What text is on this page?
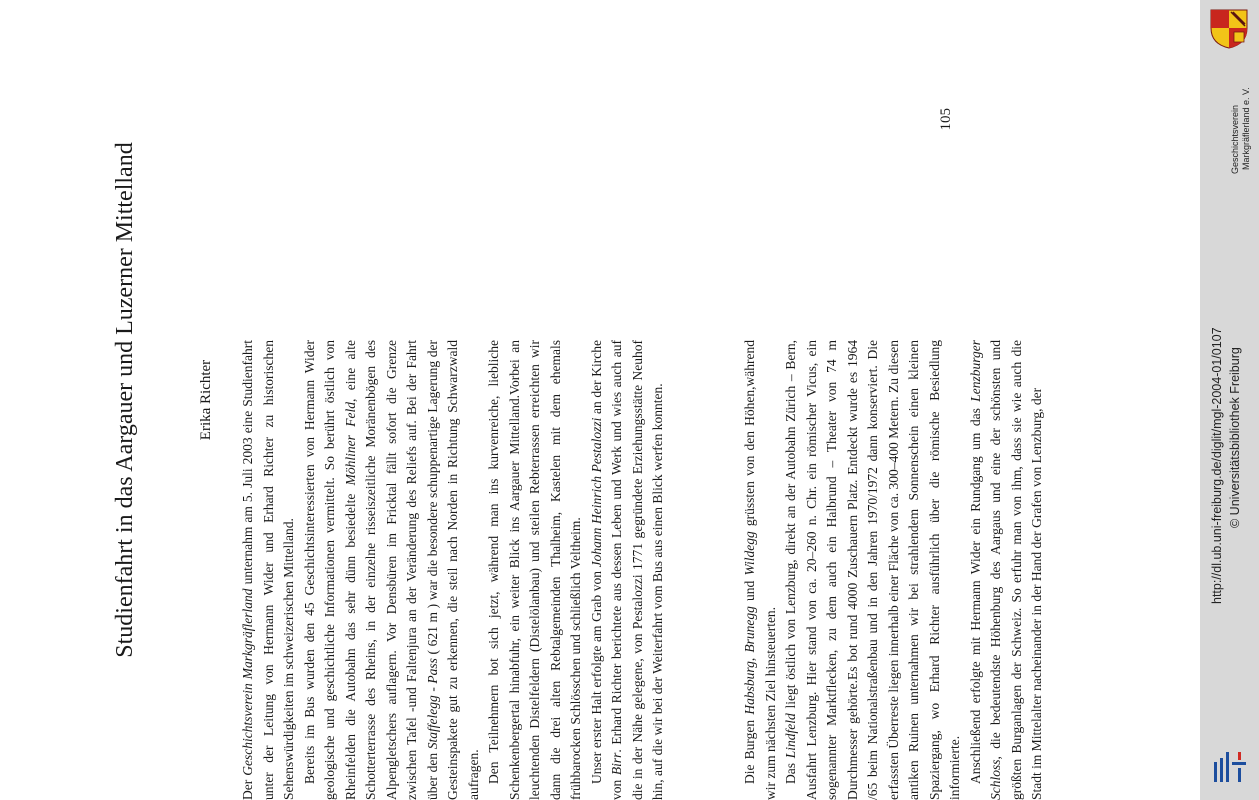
Studienfahrt in das Aargauer und Luzerner Mittelland	Erika Richter

Der Geschichtsverein Markgräflerland unternahm am 5. Juli 2003 eine Studienfahrt unter der Leitung von Hermann Wider und Erhard Richter zu historischen Sehenswürdigkeiten im schweizerischen Mittelland. Bereits im Bus wurden den 45 Geschichtsinteressierten von Hermann Wider geologische und geschichtliche Informationen vermittelt. So berührt östlich von Rheinfelden die Autobahn das sehr dünn besiedelte Möhliner Feld, eine alte Schotterterrasse des Rheins, in der einzelne risseiszeitliche Moränenbögen des Alpengletschers auflagern. Vor Densbüren im Fricktal fällt sofort die Grenze zwischen Tafel -und Faltenjura an der Veränderung des Reliefs auf. Bei der Fahrt über den Staffelegg - Pass ( 621 m ) war die besondere schuppenartige Lagerung der Gesteinspakete gut zu erkennen, die steil nach Norden in Richtung Schwarzwald aufragen. Den Teilnehmern bot sich jetzt, während man ins kurvenreiche, liebliche Schenkenbergertal hinabfuhr, ein weiter Blick ins Aargauer Mittelland.Vorbei an leuchtenden Distelfeldern (Distelölanbau) und steilen Rebterrassen erreichten wir dann die drei alten Rebtalgemeinden Thalheim, Kastelen mit dem ehemals frühbarocken Schlösschen und schließlich Veltheim. Unser erster Halt erfolgte am Grab von Johann Heinrich Pestalozzi an der Kirche von Birr. Erhard Richter berichtete aus dessen Leben und Werk und wies auch auf die in der Nähe gelegene, von Pestalozzi 1771 gegründete Erziehungsstätte Neuhof hin, auf die wir bei der Weiterfahrt vom Bus aus einen Blick werfen konnten.	Die Burgen Habsburg, Brunegg und Wildegg grüssten von den Höhen,während wir zum nächsten Ziel hinsteuerten. Das Lindfeld liegt östlich von Lenzburg, direkt an der Autobahn Zürich – Bern, Ausfahrt Lenzburg. Hier stand von ca. 20–260 n. Chr. ein römischer Vicus, ein sogenannter Marktflecken, zu dem auch ein Halbrund – Theater von 74 m Durchmesser gehörte.Es bot rund 4000 Zuschauern Platz. Entdeckt wurde es 1964 /65 beim Nationalstraßenbau und in den Jahren 1970/1972 dann konserviert. Die erfassten Überreste liegen innerhalb einer Fläche von ca. 300–400 Metern. Zu diesen antiken Ruinen unternahmen wir bei strahlendem Sonnenschein einen kleinen Spaziergang, wo Erhard Richter ausführlich über die römische Besiedlung informierte. Anschließend erfolgte mit Hermann Wider ein Rundgang um das Lenzburger Schloss, die bedeutendste Höhenburg des Aargaus und eine der schönsten und größten Burganlagen der Schweiz. So erfuhr man von ihm, dass sie wie auch die Stadt im Mittelalter nacheinander in der Hand der Grafen von Lenzburg, der

105	Geschichtsverein Markgräflerland e. V.
http://dl.ub.uni-freiburg.de/diglit/mgl-2004-01/0107 © Universitätsbibliothek Freiburg
